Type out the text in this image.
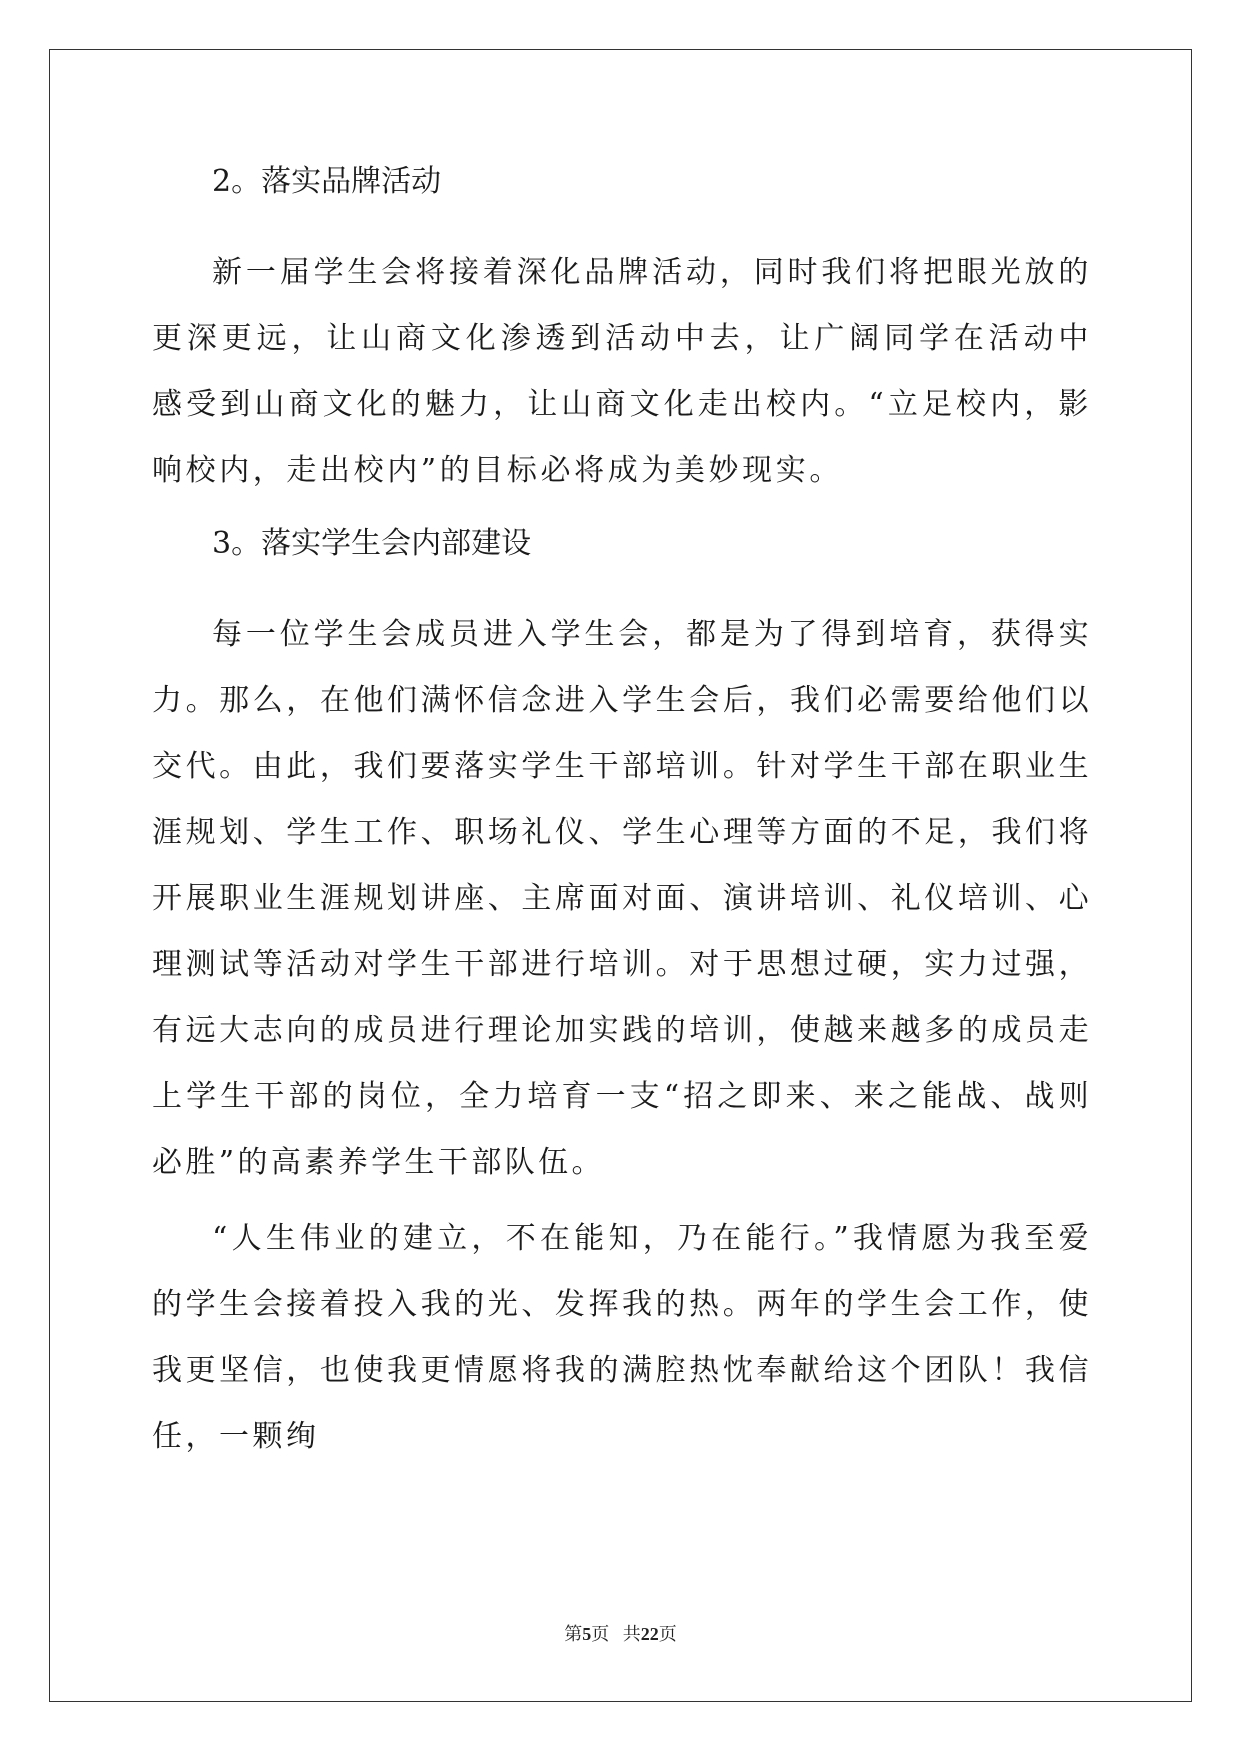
2。落实品牌活动

新一届学生会将接着深化品牌活动，同时我们将把眼光放的更深更远，让山商文化渗透到活动中去，让广阔同学在活动中感受到山商文化的魅力，让山商文化走出校内。“立足校内，影响校内，走出校内”的目标必将成为美妙现实。

3。落实学生会内部建设

每一位学生会成员进入学生会，都是为了得到培育，获得实力。那么，在他们满怀信念进入学生会后，我们必需要给他们以交代。由此，我们要落实学生干部培训。针对学生干部在职业生涯规划、学生工作、职场礼仪、学生心理等方面的不足，我们将开展职业生涯规划讲座、主席面对面、演讲培训、礼仪培训、心理测试等活动对学生干部进行培训。对于思想过硬，实力过强，有远大志向的成员进行理论加实践的培训，使越来越多的成员走上学生干部的岗位，全力培育一支“招之即来、来之能战、战则必胜”的高素养学生干部队伍。

“人生伟业的建立，不在能知，乃在能行。”我情愿为我至爱的学生会接着投入我的光、发挥我的热。两年的学生会工作，使我更坚信，也使我更情愿将我的满腔热忱奉献给这个团队！我信任，一颗绚

第5页 共22页
